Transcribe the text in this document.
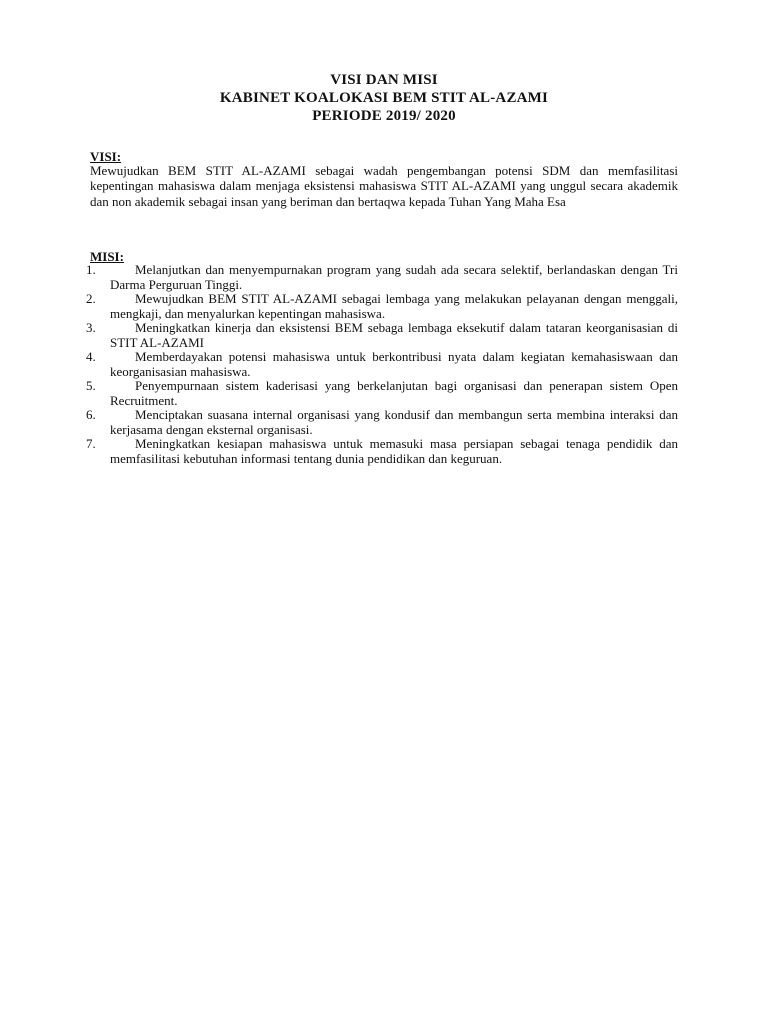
VISI DAN MISI
KABINET KOALOKASI BEM STIT AL-AZAMI
PERIODE 2019/ 2020
VISI:
Mewujudkan BEM STIT AL-AZAMI sebagai wadah pengembangan potensi SDM dan memfasilitasi kepentingan mahasiswa dalam menjaga eksistensi mahasiswa STIT AL-AZAMI yang unggul secara akademik dan non akademik sebagai insan yang beriman dan bertaqwa kepada Tuhan Yang Maha Esa
MISI:
1.	Melanjutkan dan menyempurnakan program yang sudah ada secara selektif, berlandaskan dengan Tri Darma Perguruan Tinggi.
2.	Mewujudkan BEM STIT AL-AZAMI sebagai lembaga yang melakukan pelayanan dengan menggali, mengkaji, dan menyalurkan kepentingan mahasiswa.
3.	Meningkatkan kinerja dan eksistensi BEM sebaga lembaga eksekutif dalam tataran keorganisasian di STIT AL-AZAMI
4.	Memberdayakan potensi mahasiswa untuk berkontribusi nyata dalam kegiatan kemahasiswaan dan keorganisasian mahasiswa.
5.	Penyempurnaan sistem kaderisasi yang berkelanjutan bagi organisasi dan penerapan sistem Open Recruitment.
6.	Menciptakan suasana internal organisasi yang kondusif dan membangun serta membina interaksi dan kerjasama dengan eksternal organisasi.
7.	Meningkatkan kesiapan mahasiswa untuk memasuki masa persiapan sebagai tenaga pendidik dan memfasilitasi kebutuhan informasi tentang dunia pendidikan dan keguruan.
